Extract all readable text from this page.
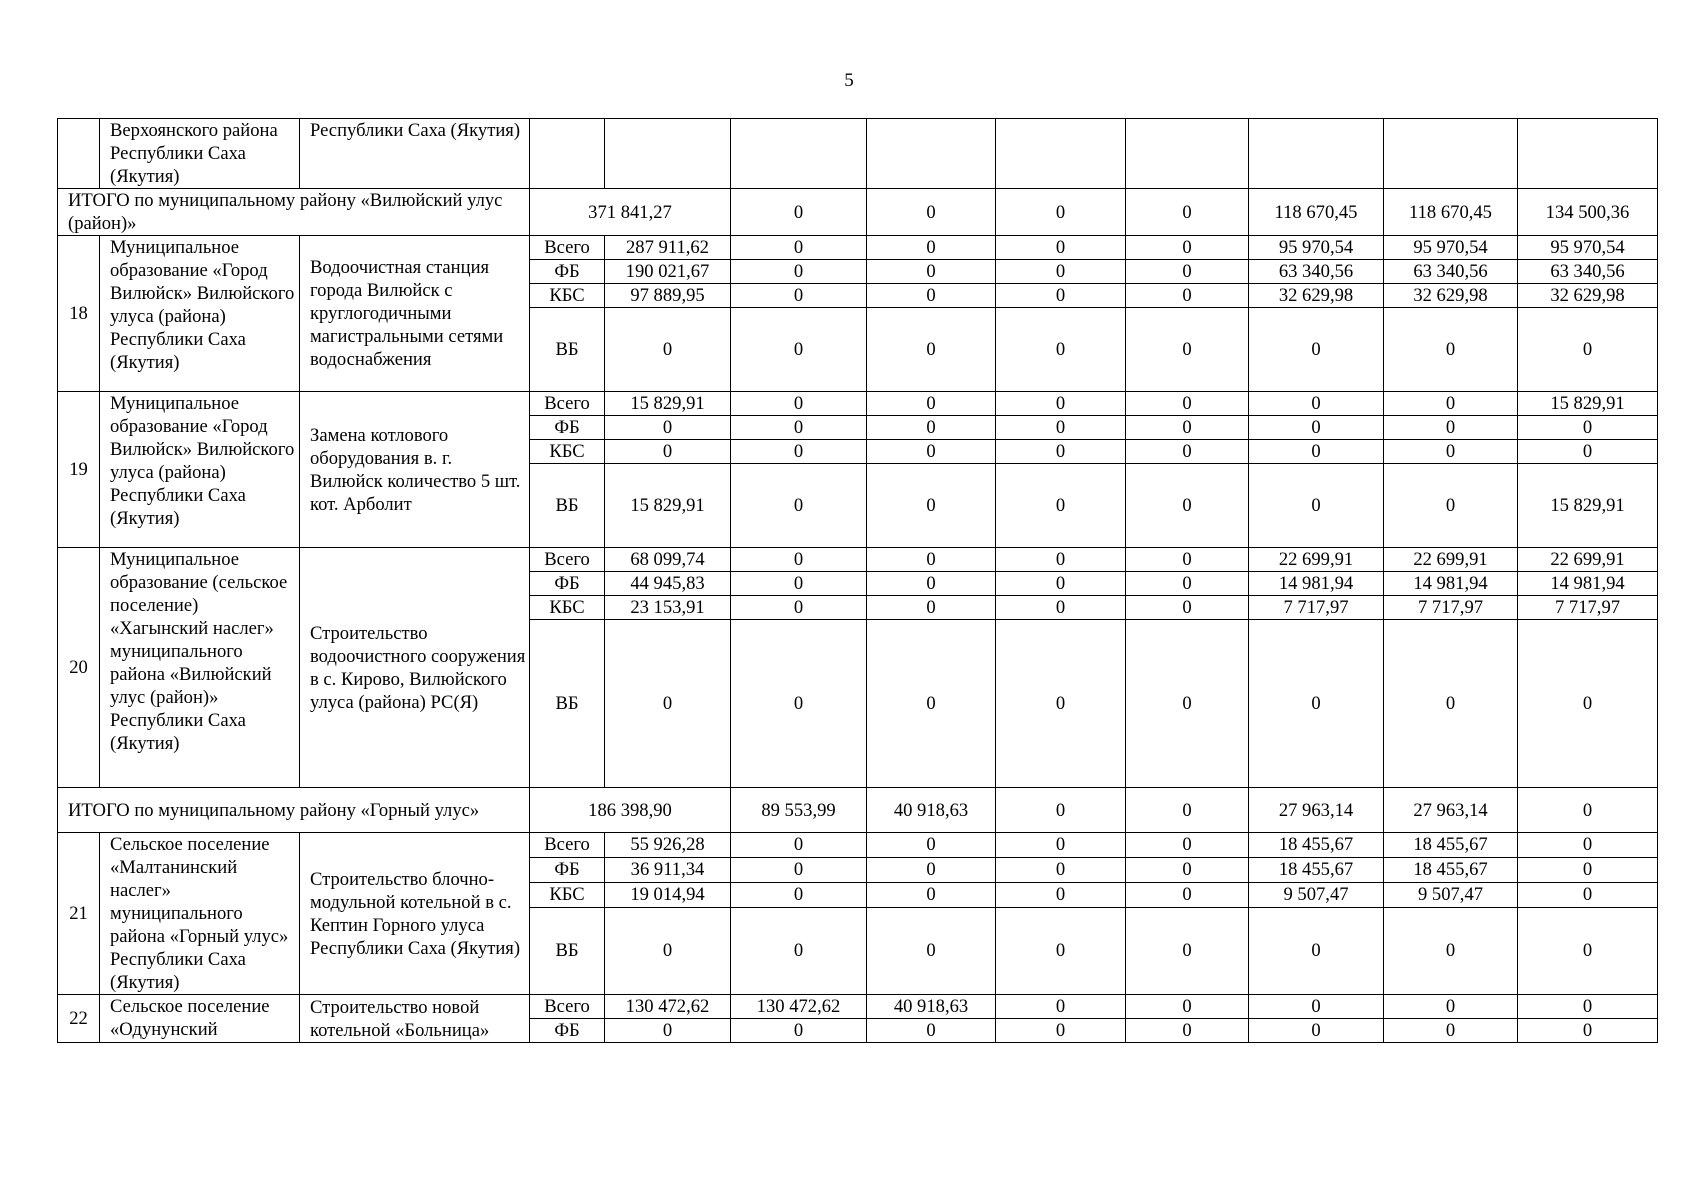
5
	Верхоянского района Республики Саха (Якутия)	Республики Саха (Якутия)									
ИТОГО по муниципальному району «Вилюйский улус (район)»			371 841,27		0	0	0	0	118 670,45	118 670,45	134 500,36
18	Муниципальное образование «Город Вилюйск» Вилюйского улуса (района) Республики Саха (Якутия)	Водоочистная станция города Вилюйск с круглогодичными магистральными сетями водоснабжения	Всего	287 911,62	0	0	0	0	95 970,54	95 970,54	95 970,54
			ФБ	190 021,67	0	0	0	0	63 340,56	63 340,56	63 340,56
			КБС	97 889,95	0	0	0	0	32 629,98	32 629,98	32 629,98
			ВБ	0	0	0	0	0	0	0	0
19	Муниципальное образование «Город Вилюйск» Вилюйского улуса (района) Республики Саха (Якутия)	Замена котлового оборудования в. г. Вилюйск количество 5 шт. кот. Арболит	Всего	15 829,91	0	0	0	0	0	0	15 829,91
			ФБ	0	0	0	0	0	0	0	0
			КБС	0	0	0	0	0	0	0	0
			ВБ	15 829,91	0	0	0	0	0	0	15 829,91
20	Муниципальное образование (сельское поселение) «Хагынский наслег» муниципального района «Вилюйский улус (район)» Республики Саха (Якутия)	Строительство водоочистного сооружения в с. Кирово, Вилюйского улуса (района) РС(Я)	Всего	68 099,74	0	0	0	0	22 699,91	22 699,91	22 699,91
			ФБ	44 945,83	0	0	0	0	14 981,94	14 981,94	14 981,94
			КБС	23 153,91	0	0	0	0	7 717,97	7 717,97	7 717,97
			ВБ	0	0	0	0	0	0	0	0
ИТОГО по муниципальному району «Горный улус»			186 398,90		89 553,99	40 918,63	0	0	27 963,14	27 963,14	0
21	Сельское поселение «Малтанинский наслег» муниципального района «Горный улус» Республики Саха (Якутия)	Строительство блочно-модульной котельной в с. Кептин Горного улуса Республики Саха (Якутия)	Всего	55 926,28	0	0	0	0	18 455,67	18 455,67	0
			ФБ	36 911,34	0	0	0	0	18 455,67	18 455,67	0
			КБС	19 014,94	0	0	0	0	9 507,47	9 507,47	0
			ВБ	0	0	0	0	0	0	0	0
22	Сельское поселение «Одунунский	Строительство новой котельной «Больница»	Всего	130 472,62	130 472,62	40 918,63	0	0	0	0	0
			ФБ	0	0	0	0	0	0	0	0
